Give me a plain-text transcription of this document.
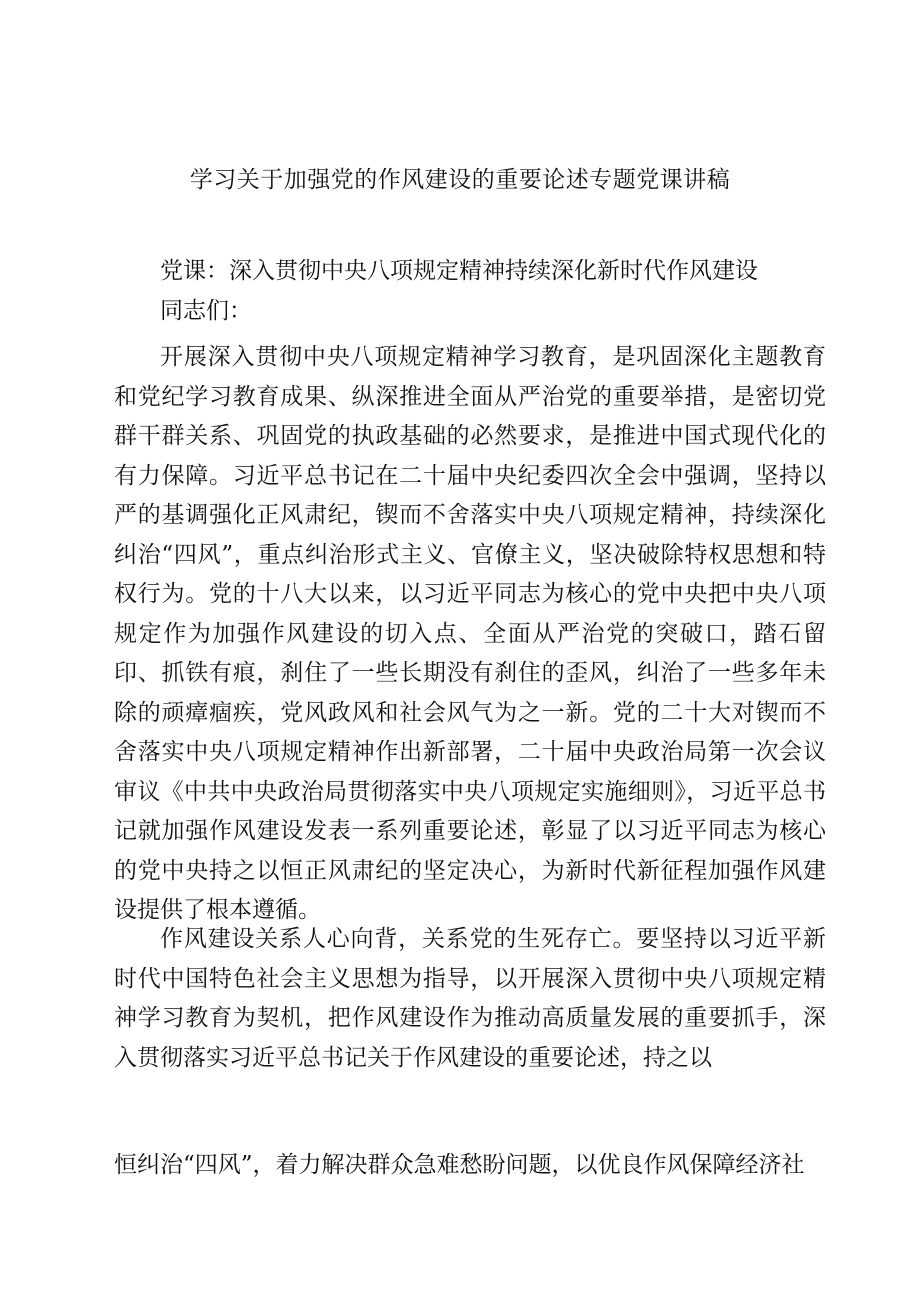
学习关于加强党的作风建设的重要论述专题党课讲稿

党课：深入贯彻中央八项规定精神持续深化新时代作风建设

同志们：

开展深入贯彻中央八项规定精神学习教育，是巩固深化主题教育和党纪学习教育成果、纵深推进全面从严治党的重要举措，是密切党群干群关系、巩固党的执政基础的必然要求，是推进中国式现代化的有力保障。习近平总书记在二十届中央纪委四次全会中强调，坚持以严的基调强化正风肃纪，锲而不舍落实中央八项规定精神，持续深化纠治“四风”，重点纠治形式主义、官僚主义，坚决破除特权思想和特权行为。党的十八大以来，以习近平同志为核心的党中央把中央八项规定作为加强作风建设的切入点、全面从严治党的突破口，踏石留印、抓铁有痕，刹住了一些长期没有刹住的歪风，纠治了一些多年未除的顽瘴痼疾，党风政风和社会风气为之一新。党的二十大对锲而不舍落实中央八项规定精神作出新部署，二十届中央政治局第一次会议审议《中共中央政治局贯彻落实中央八项规定实施细则》，习近平总书记就加强作风建设发表一系列重要论述，彰显了以习近平同志为核心的党中央持之以恒正风肃纪的坚定决心，为新时代新征程加强作风建设提供了根本遵循。

作风建设关系人心向背，关系党的生死存亡。要坚持以习近平新时代中国特色社会主义思想为指导，以开展深入贯彻中央八项规定精神学习教育为契机，把作风建设作为推动高质量发展的重要抓手，深入贯彻落实习近平总书记关于作风建设的重要论述，持之以

恒纠治“四风”，着力解决群众急难愁盼问题，以优良作风保障经济社
